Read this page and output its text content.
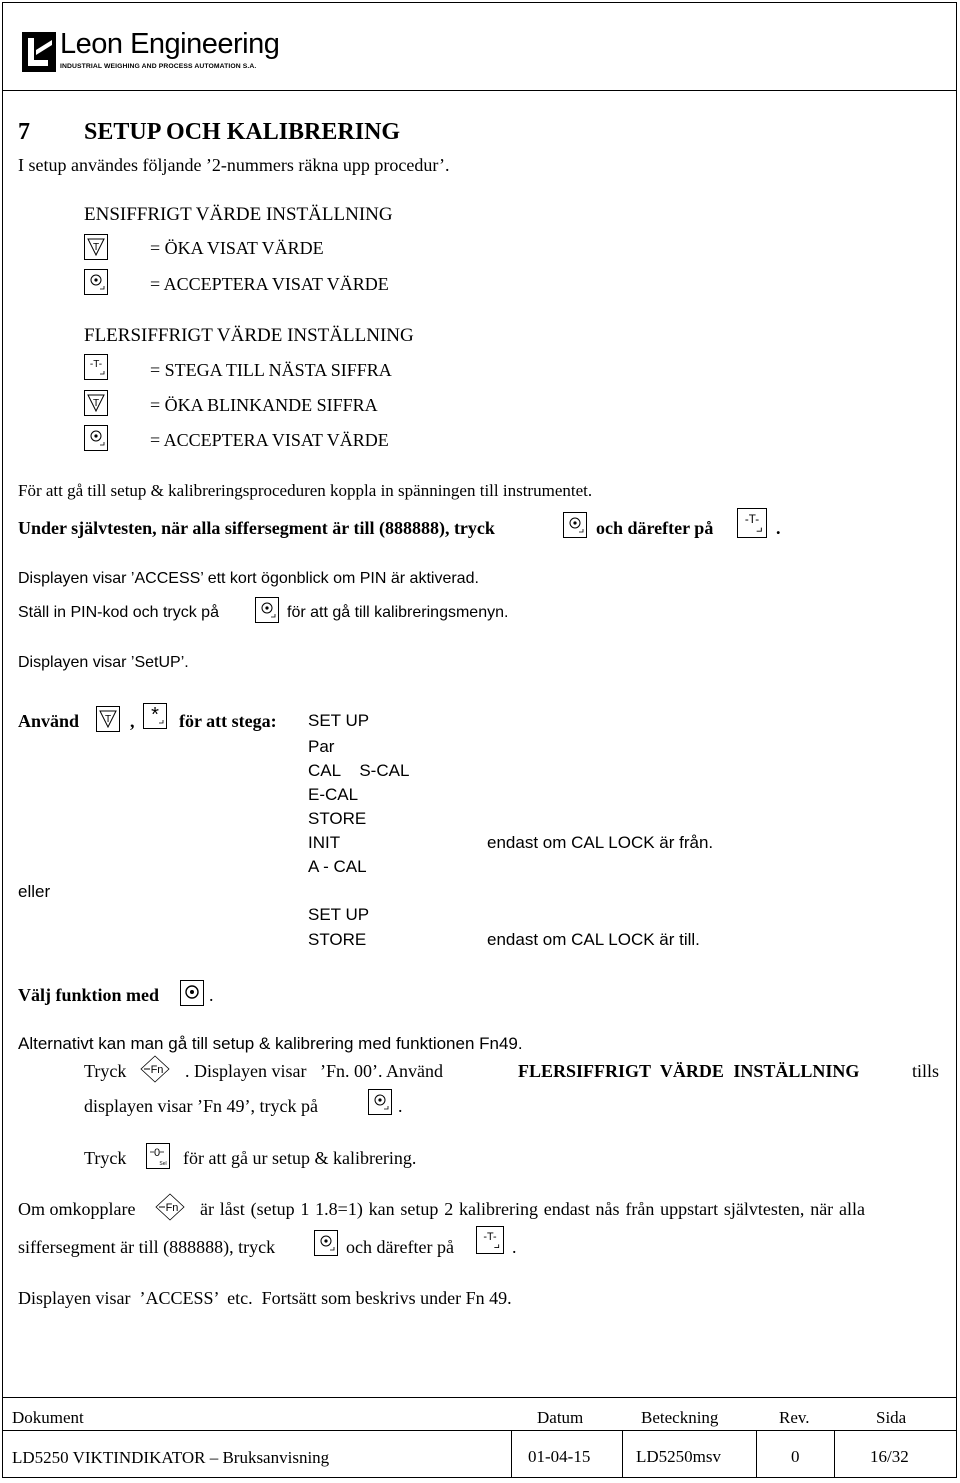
Leon Engineering
INDUSTRIAL WEIGHING AND PROCESS AUTOMATION S.A.
7 SETUP OCH KALIBRERING
I setup användes följande ’2-nummers räkna upp procedur’.
ENSIFFRIGT VÄRDE INSTÄLLNING
T	= ÖKA VISAT VÄRDE
= ACCEPTERA VISAT VÄRDE
FLERSIFFRIGT VÄRDE INSTÄLLNING
-T-	= STEGA TILL NÄSTA SIFFRA
T	= ÖKA BLINKANDE SIFFRA
= ACCEPTERA VISAT VÄRDE
För att gå till setup & kalibreringsproceduren koppla in spänningen till instrumentet.
Under självtesten, när alla siffersegment är till (888888), tryck	och därefter på	-T- .
Displayen visar ’ACCESS’ ett kort ögonblick om PIN är aktiverad.
Ställ in PIN-kod och tryck på	för att gå till kalibreringsmenyn.
Displayen visar ’SetUP’.
Använd	T , * för att stega: SET UP
Par
CAL    S-CAL
E-CAL
STORE
INIT	endast om CAL LOCK är från.
A - CAL
eller
SET UP
STORE	endast om CAL LOCK är till.
Välj funktion med	.
Alternativt kan man gå till setup & kalibrering med funktionen Fn49.
Tryck Fn . Displayen visar   ’Fn. 00’. Använd	FLERSIFFRIGT VÄRDE INSTÄLLNING	tills
displayen visar ’Fn 49’, tryck på	.
Tryck	0
Sel för att gå ur setup & kalibrering.
Om omkopplare	Fn är låst (setup 1 1.8=1) kan setup 2 kalibrering endast nås från uppstart självtesten, när alla
siffersegment är till (888888), tryck	och därefter på	-T- .
Displayen visar  ’ACCESS’  etc.  Fortsätt som beskrivs under Fn 49.
Dokument	Datum	Beteckning	Rev.	Sida
LD5250 VIKTINDIKATOR – Bruksanvisning	01-04-15	LD5250msv	0	16/32
